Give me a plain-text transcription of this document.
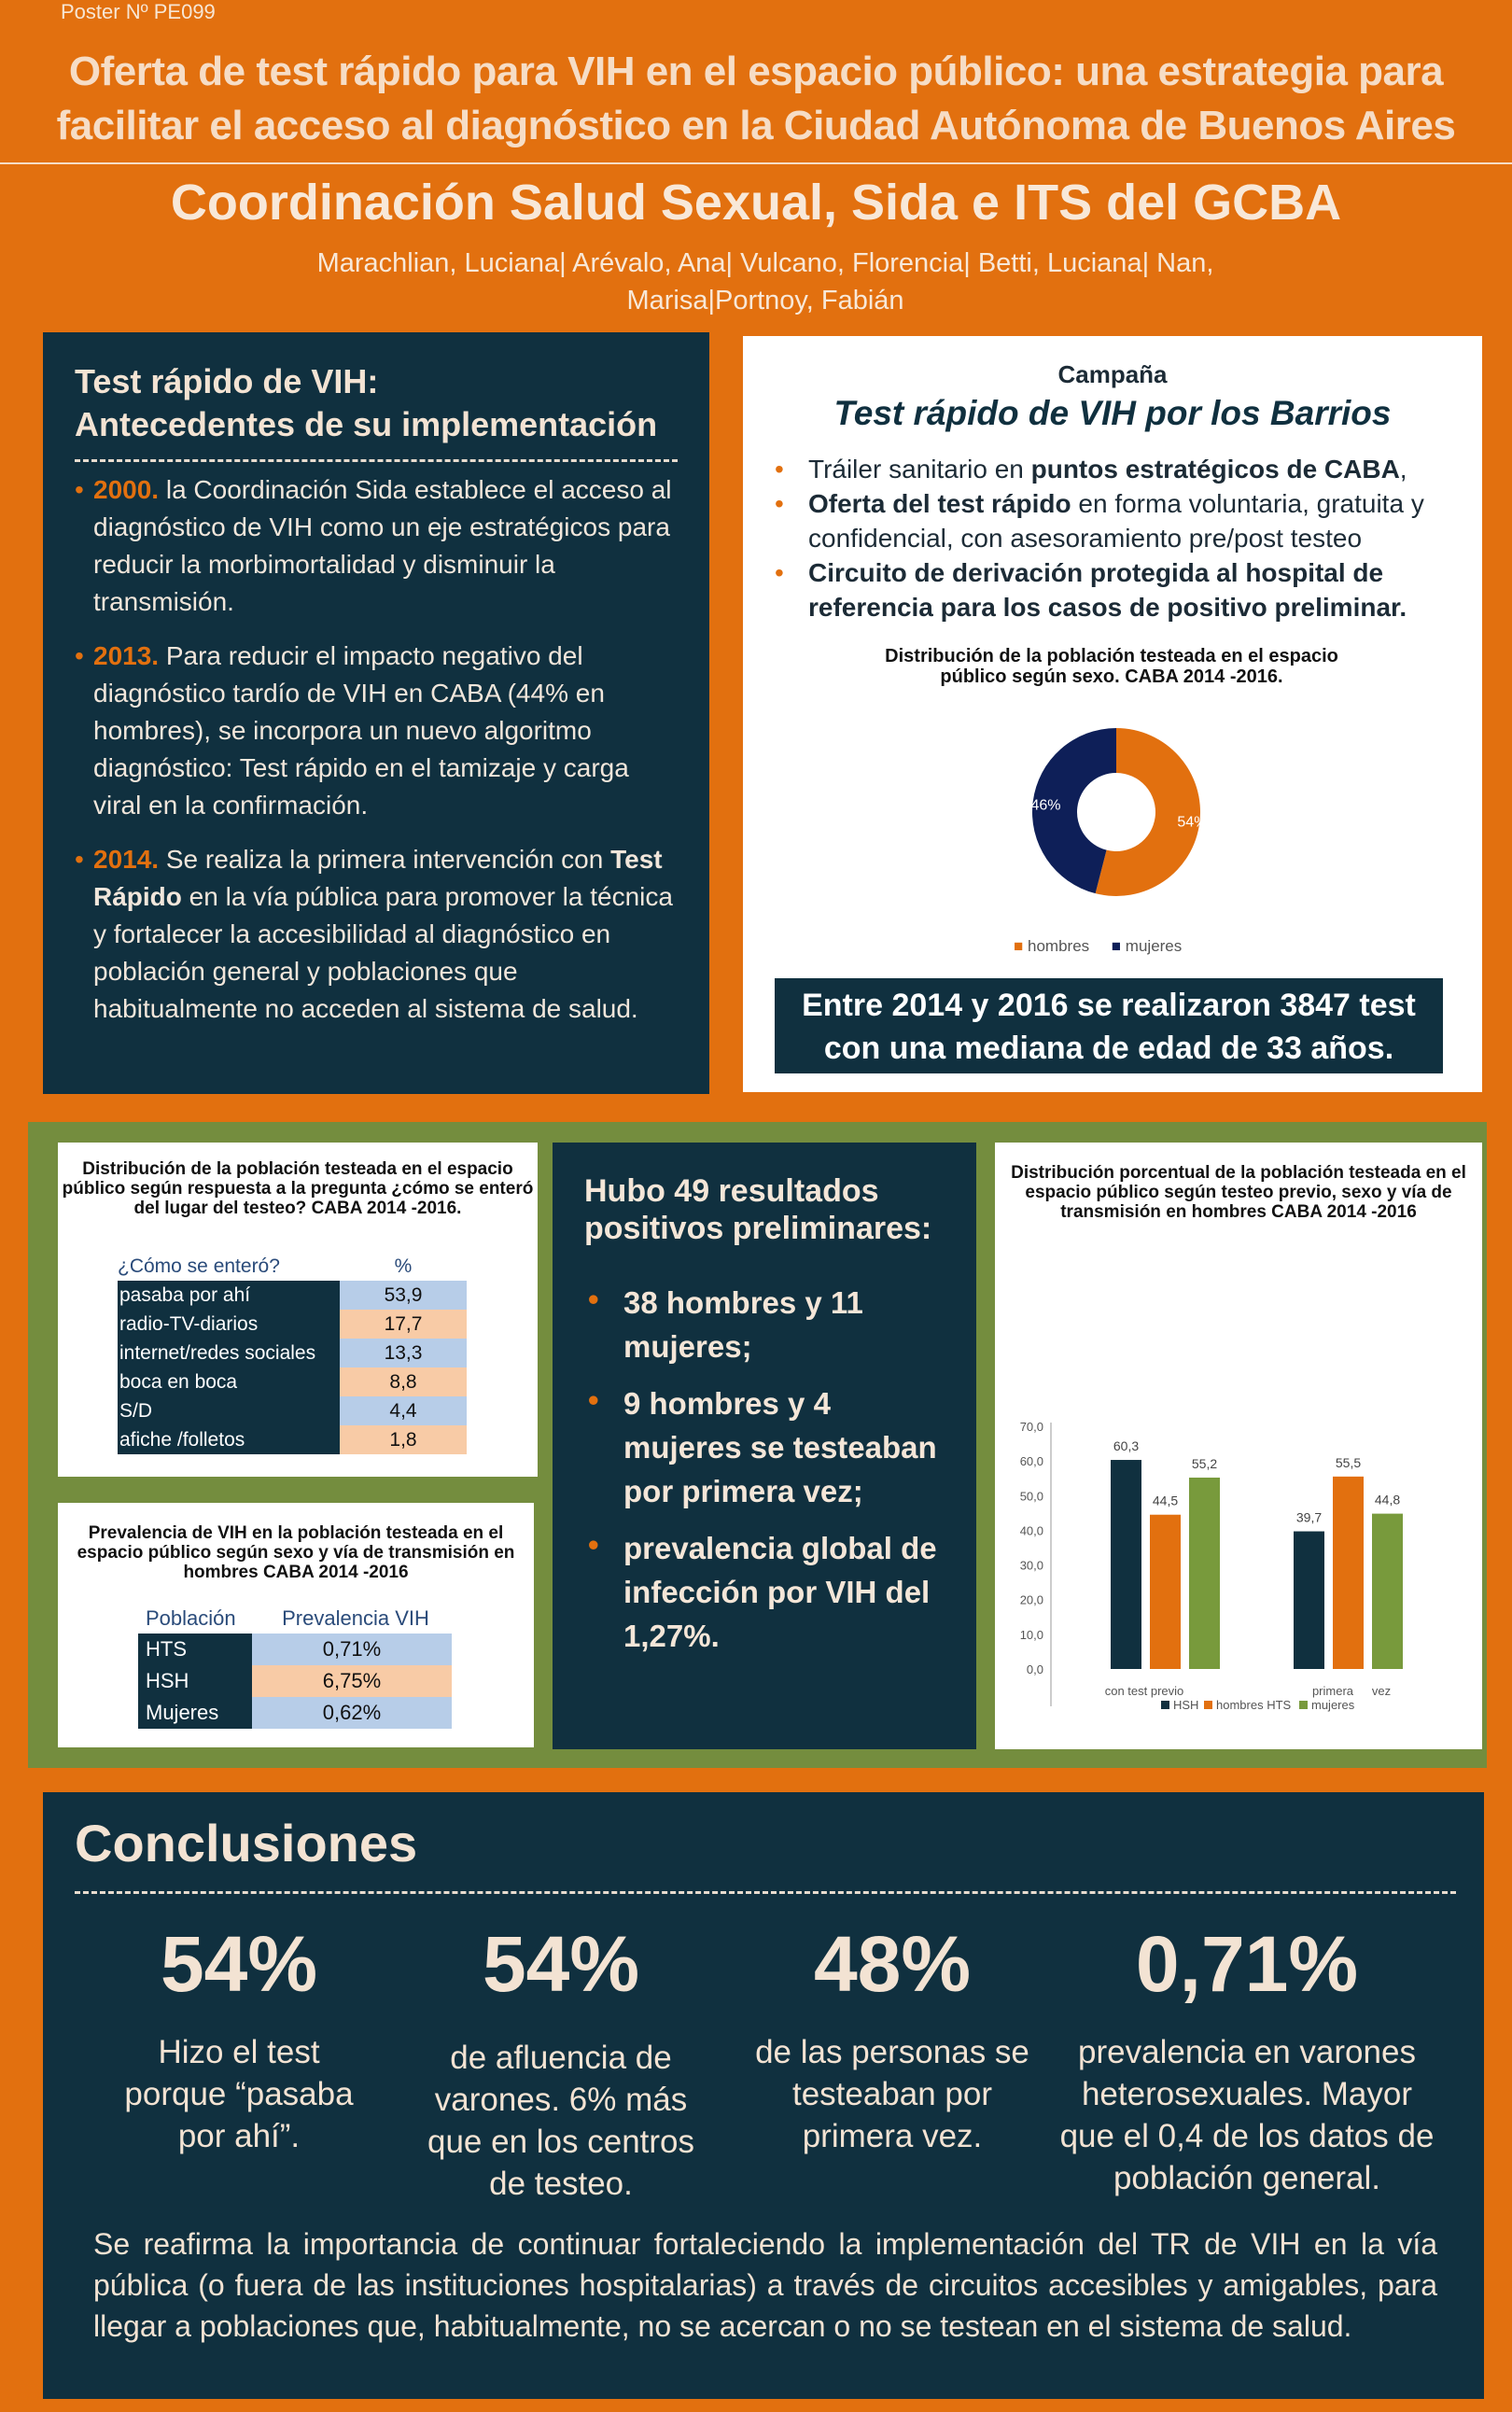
Poster Nº PE099
Oferta de test rápido para VIH en el espacio público: una estrategia para facilitar el acceso al diagnóstico en la Ciudad Autónoma de Buenos Aires
Coordinación Salud Sexual, Sida e ITS del GCBA
Marachlian, Luciana| Arévalo, Ana| Vulcano, Florencia| Betti, Luciana| Nan, Marisa|Portnoy, Fabián
Test rápido de VIH:
Antecedentes de su implementación
• 2000. la Coordinación Sida establece el acceso al diagnóstico de VIH como un eje estratégicos para reducir la morbimortalidad y disminuir la transmisión.
• 2013. Para reducir el impacto negativo del diagnóstico tardío de VIH en CABA (44% en hombres), se incorpora un nuevo algoritmo diagnóstico: Test rápido en el tamizaje y carga viral en la confirmación.
• 2014. Se realiza la primera intervención con Test Rápido en la vía pública para promover la técnica y fortalecer la accesibilidad al diagnóstico en población general y poblaciones que habitualmente no acceden al sistema de salud.
Campaña
Test rápido de VIH por los Barrios
• Tráiler sanitario en puntos estratégicos de CABA,
• Oferta del test rápido en forma voluntaria, gratuita y confidencial, con asesoramiento pre/post testeo
• Circuito de derivación protegida al hospital de referencia para los casos de positivo preliminar.
Distribución de la población testeada en el espacio público según sexo. CABA 2014 -2016.
54%
46%
■ hombres ■ mujeres
Entre 2014 y 2016 se realizaron 3847 test con una mediana de edad de 33 años.
Distribución de la población testeada en el espacio público según respuesta a la pregunta ¿cómo se enteró del lugar del testeo? CABA 2014 -2016.
¿Cómo se enteró?	%
pasaba por ahí	53,9
radio-TV-diarios	17,7
internet/redes sociales	13,3
boca en boca	8,8
S/D	4,4
afiche /folletos	1,8
Prevalencia de VIH en la población testeada en el espacio público según sexo y vía de transmisión en hombres CABA 2014 -2016
Población	Prevalencia VIH
HTS	0,71%
HSH	6,75%
Mujeres	0,62%
Hubo 49 resultados positivos preliminares:
• 38 hombres y 11 mujeres;
• 9 hombres y 4 mujeres se testeaban por primera vez;
• prevalencia global de infección por VIH del 1,27%.
Distribución porcentual de la población testeada en el espacio público según testeo previo, sexo y vía de transmisión en hombres CABA 2014 -2016
0,0
10,0
20,0
30,0
40,0
50,0
60,0
70,0
60,3
44,5
55,2
39,7
55,5
44,8
con test previo	primera vez
HSH hombres HTS mujeres
Conclusiones
54%
Hizo el test porque “pasaba por ahí”.
54%
de afluencia de varones. 6% más que en los centros de testeo.
48%
de las personas se testeaban por primera vez.
0,71%
prevalencia en varones heterosexuales. Mayor que el 0,4 de los datos de población general.
Se reafirma la importancia de continuar fortaleciendo la implementación del TR de VIH en la vía pública (o fuera de las instituciones hospitalarias) a través de circuitos accesibles y amigables, para llegar a poblaciones que, habitualmente, no se acercan o no se testean en el sistema de salud.
